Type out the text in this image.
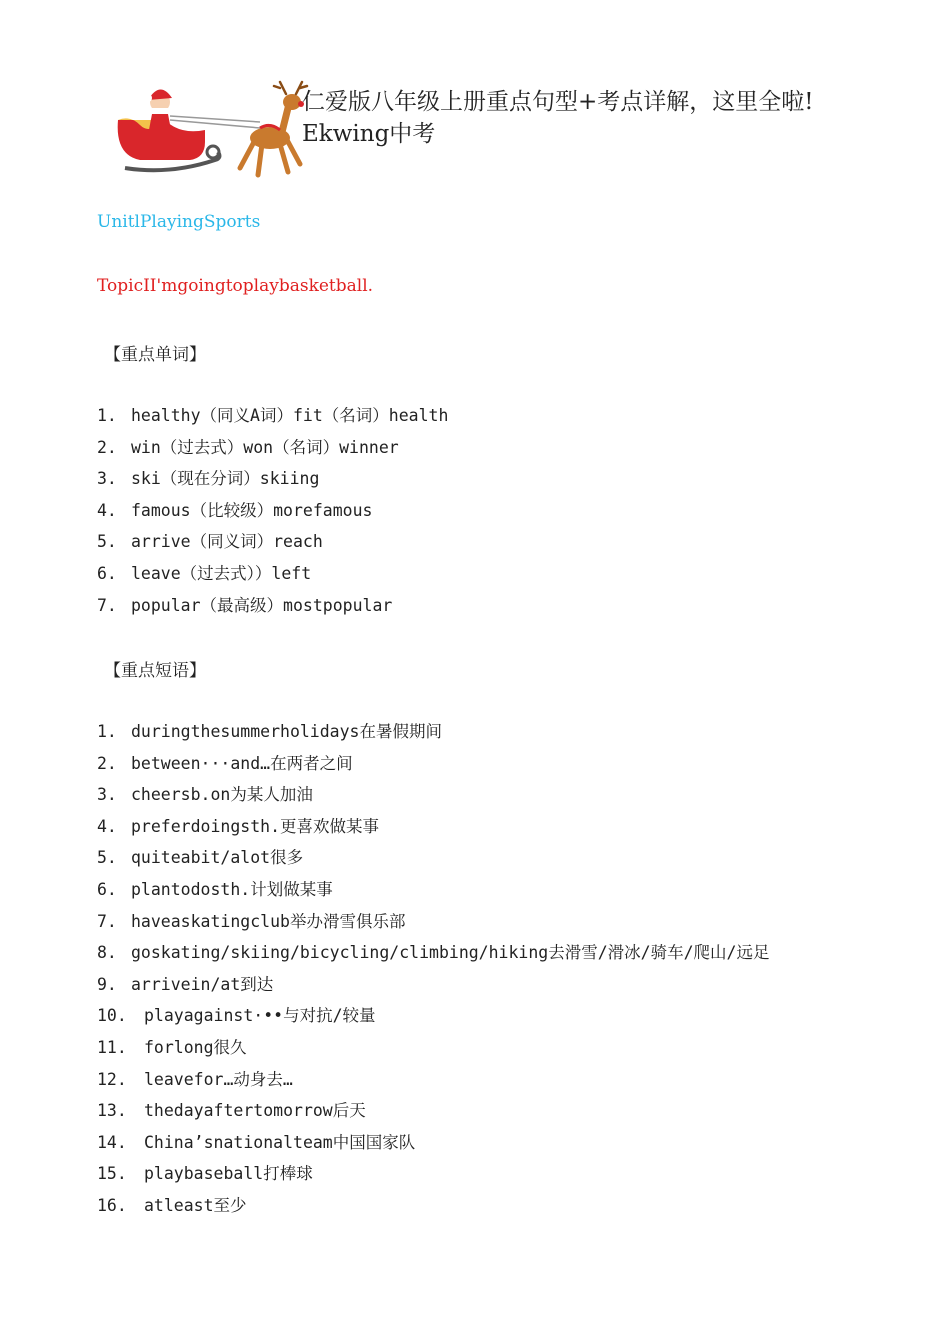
仁爱版八年级上册重点句型+考点详解，这里全啦!
Ekwing中考
UnitlPlayingSports
TopicII'mgoingtoplaybasketball.
【重点单词】
1. healthy（同义A词）fit（名词）health
2. win（过去式）won（名词）winner
3. ski（现在分词）skiing
4. famous（比较级）morefamous
5. arrive（同义词）reach
6. leave（过去式））left
7. popular（最高级）mostpopular
【重点短语】
1. duringthesummerholidays在暑假期间
2. between···and…在两者之间
3. cheersb.on为某人加油
4. preferdoingsth.更喜欢做某事
5. quiteabit/alot很多
6. plantodosth.计划做某事
7. haveaskatingclub举办滑雪俱乐部
8. goskating/skiing/bicycling/climbing/hiking去滑雪/滑冰/骑车/爬山/远足
9. arrivein/at到达
10. playagainst·••与对抗/较量
11. forlong很久
12. leavefor…动身去…
13. thedayaftertomorrow后天
14. China’snationalteam中国国家队
15. playbaseball打棒球
16. atleast至少
